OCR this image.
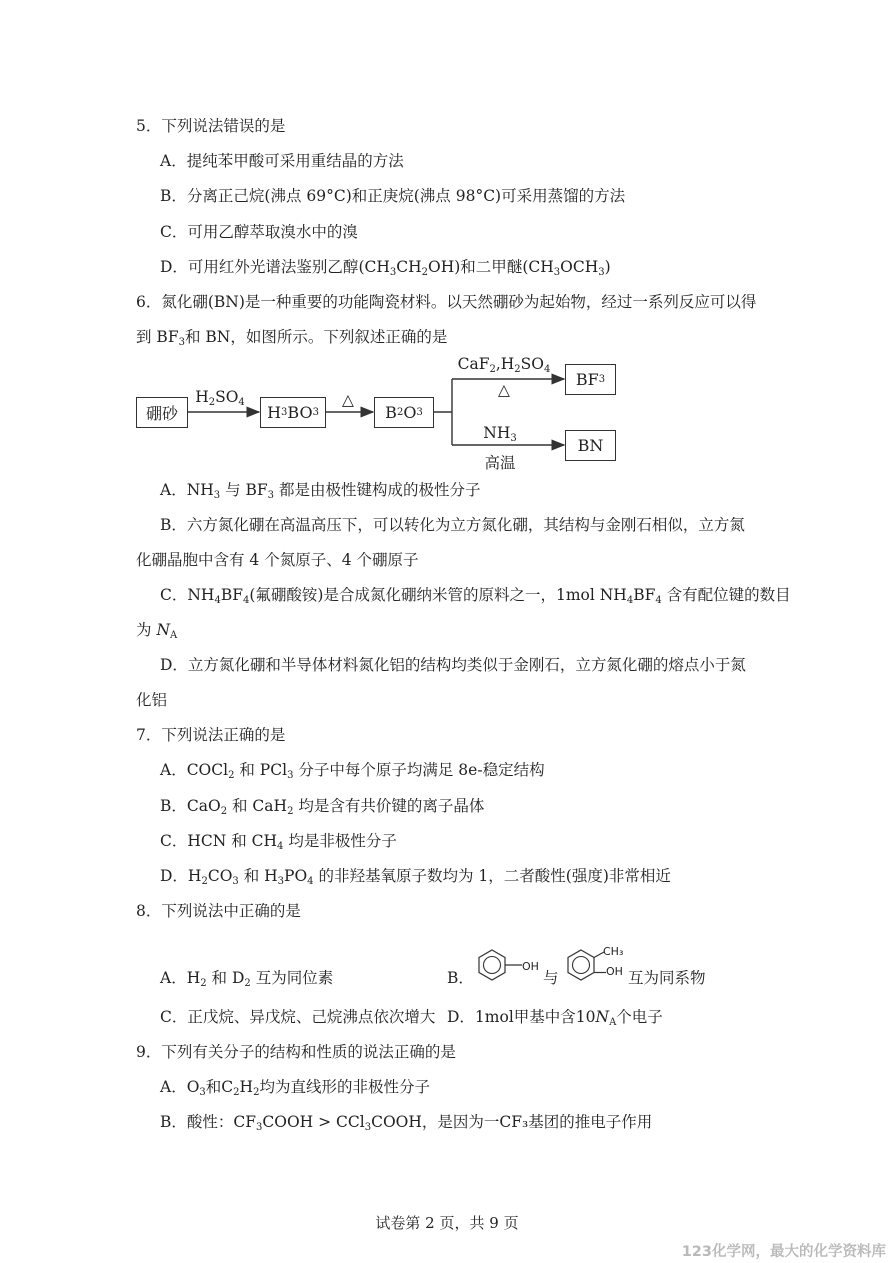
5．下列说法错误的是
A．提纯苯甲酸可采用重结晶的方法
B．分离正己烷(沸点 69°C)和正庚烷(沸点 98°C)可采用蒸馏的方法
C．可用乙醇萃取溴水中的溴
D．可用红外光谱法鉴别乙醇$(CH_3CH_2OH)$和二甲醚$(CH_3OCH_3)$
6．氮化硼(BN)是一种重要的功能陶瓷材料。以天然硼砂为起始物，经过一系列反应可以得
到 $BF_3$和 BN，如图所示。下列叙述正确的是
硼砂
$H_2SO_4$
H 3 BO 3
△
B 2 O 3
$CaF_2,H_2SO_4$
△
BF 3
$NH_3$
高温
BN
A．$NH_3$ 与 $BF_3$ 都是由极性键构成的极性分子
B．六方氮化硼在高温高压下，可以转化为立方氮化硼，其结构与金刚石相似，立方氮
化硼晶胞中含有 4 个氮原子、4 个硼原子
C．$NH_4BF_4$(氟硼酸铵)是合成氮化硼纳米管的原料之一，1mol $NH_4BF_4$ 含有配位键的数目
为 $N_A$
D．立方氮化硼和半导体材料氮化铝的结构均类似于金刚石，立方氮化硼的熔点小于氮
化铝
7．下列说法正确的是
A．COCl$_2$ 和 PCl$_3$ 分子中每个原子均满足 8e-稳定结构
B．CaO$_2$ 和 CaH$_2$ 均是含有共价键的离子晶体
C．HCN 和 $CH_4$ 均是非极性分子
D．$H_2CO_3$ 和 $H_3PO_4$ 的非羟基氧原子数均为 1，二者酸性(强度)非常相近
8．下列说法中正确的是
A．$H_2$ 和 $D_2$ 互为同位素	B．
OH
与
CH₃
OH 互为同系物
C．正戊烷、异戊烷、己烷沸点依次增大 D．1mol甲基中含$10N_A$个电子
9．下列有关分子的结构和性质的说法正确的是
A．$O_3$和$C_2H_2$均为直线形的非极性分子
B．酸性：$CF_3COOH$ > CCl$_3$COOH，是因为一CF₃基团的推电子作用
试卷第 2 页，共 9 页
123化学网，最大的化学资料库
